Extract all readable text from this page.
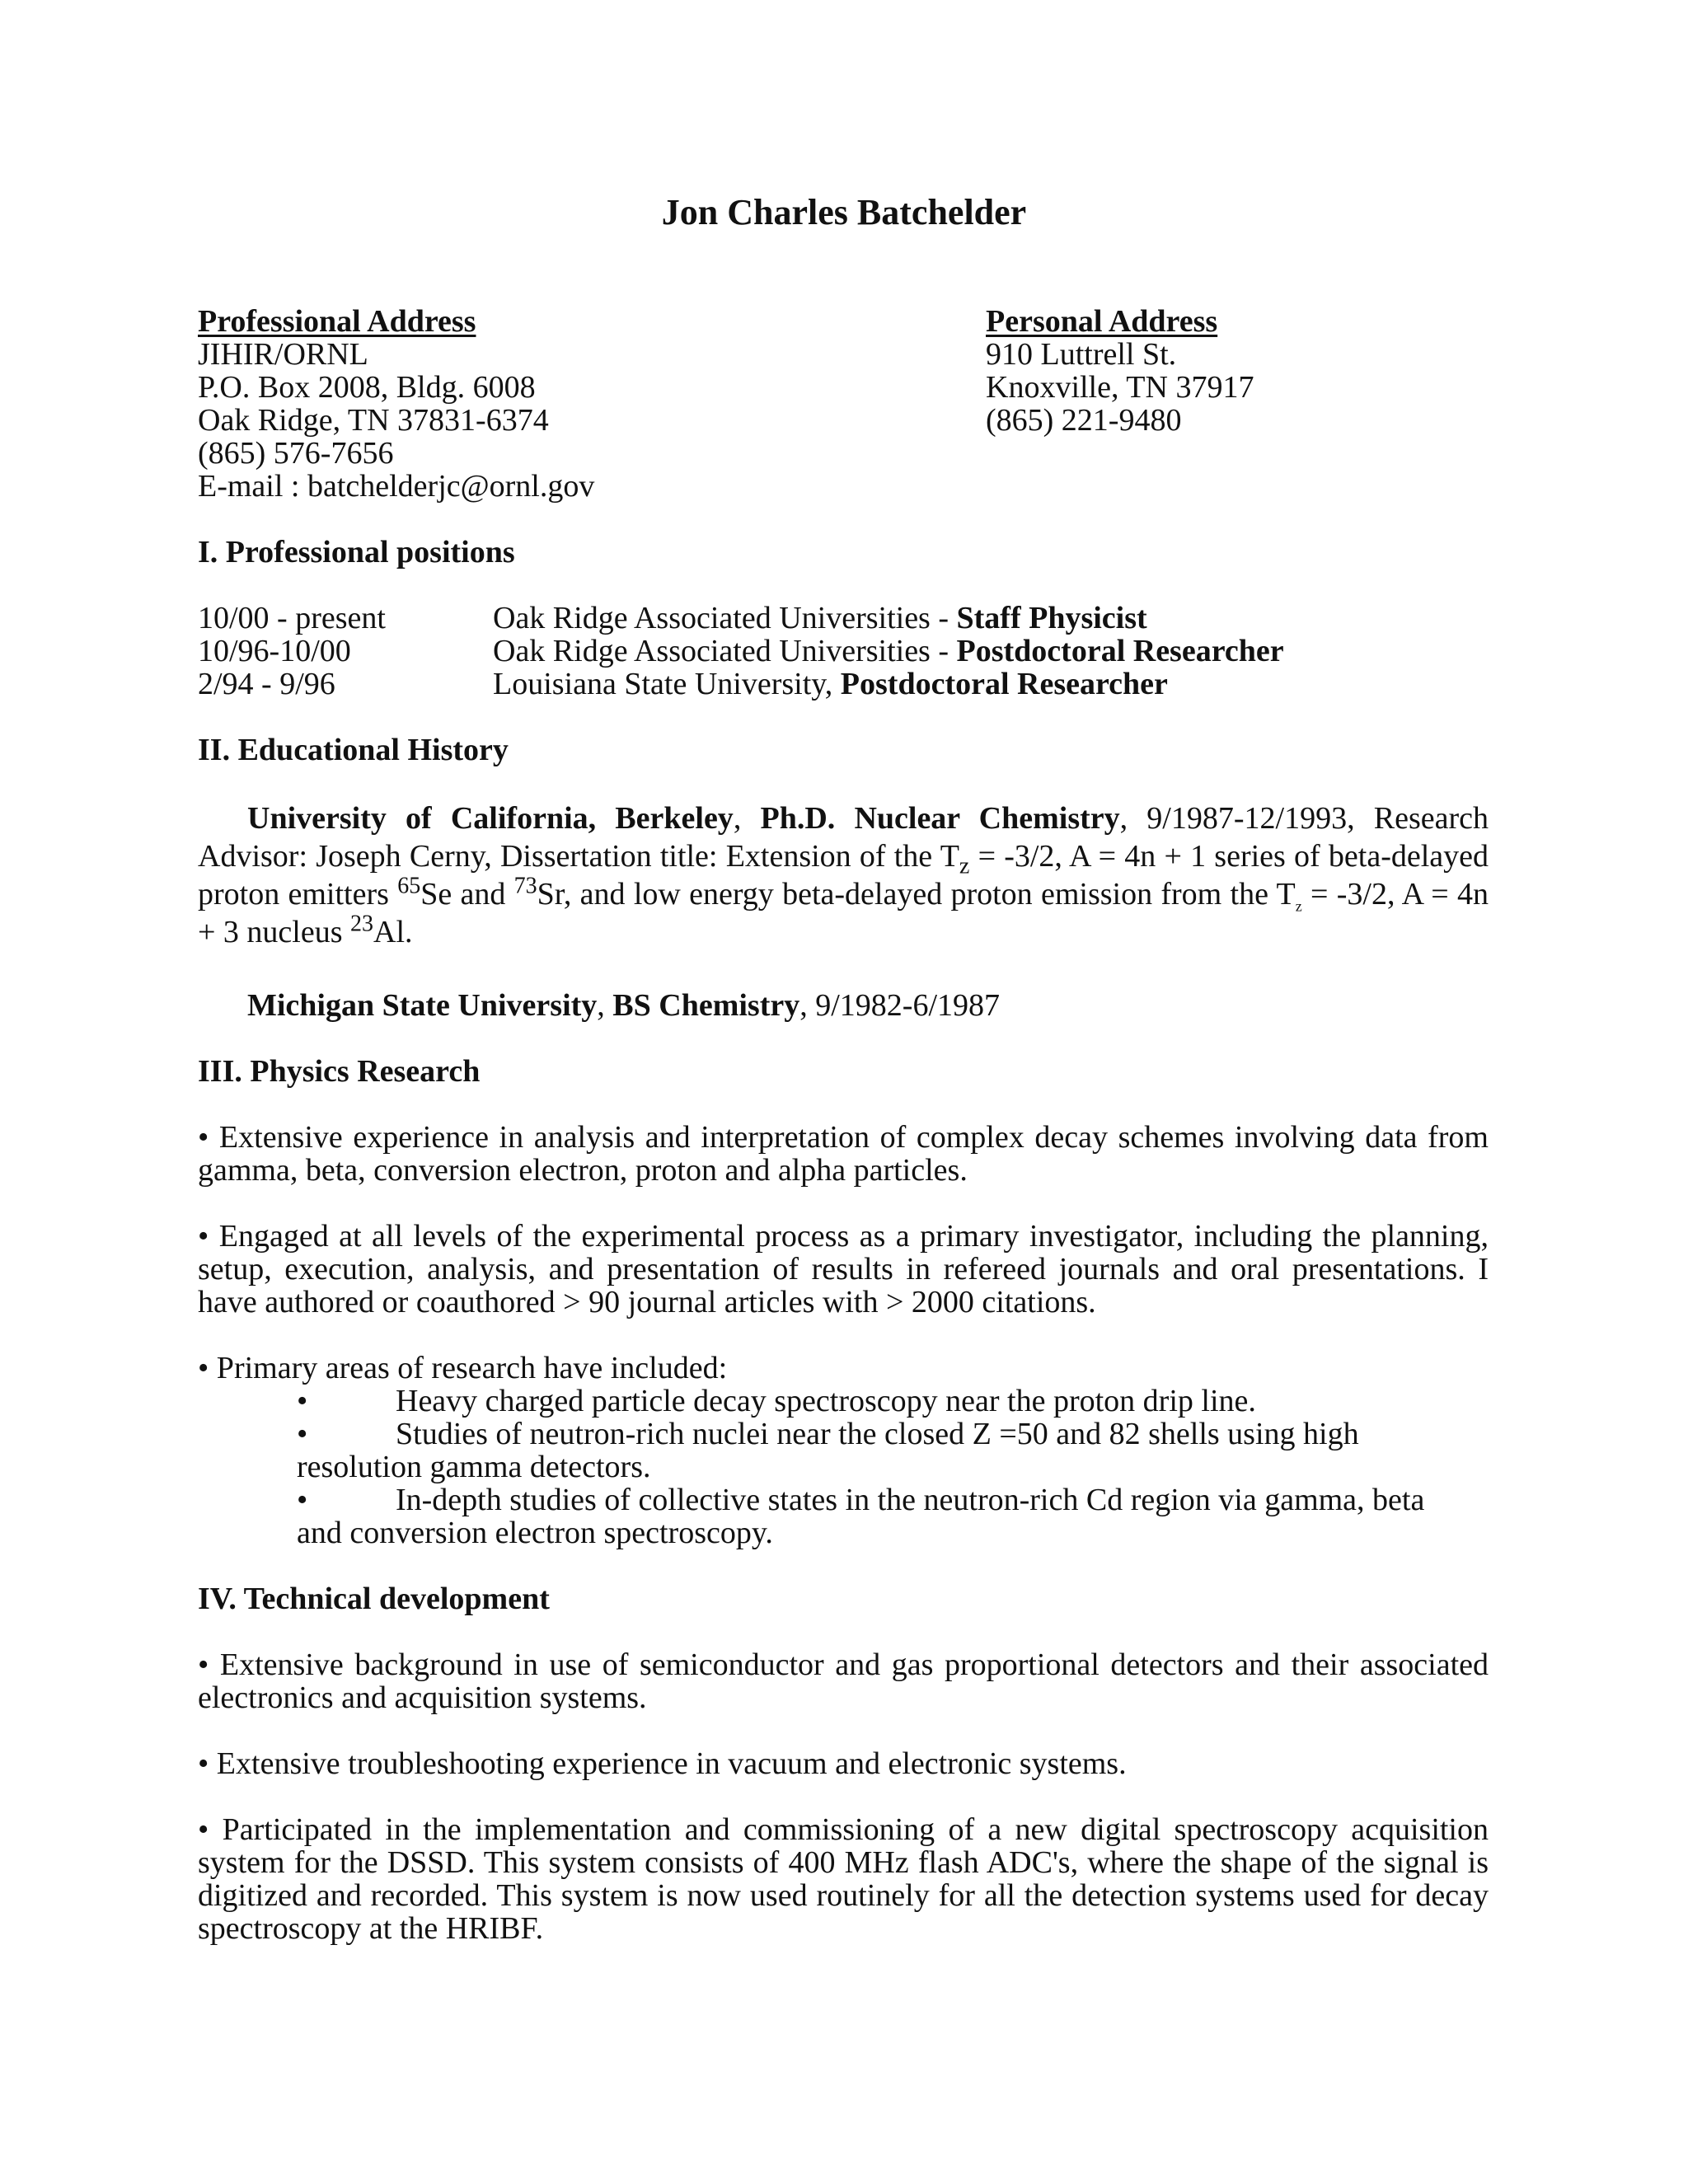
Jon Charles Batchelder
Professional Address
JIHIR/ORNL
P.O. Box 2008, Bldg. 6008
Oak Ridge, TN 37831-6374
(865) 576-7656
E-mail : batchelderjc@ornl.gov
Personal Address
910 Luttrell St.
Knoxville, TN 37917
(865) 221-9480
I. Professional positions
10/00 - present	Oak Ridge Associated Universities - Staff Physicist
10/96-10/00	Oak Ridge Associated Universities - Postdoctoral Researcher
2/94 - 9/96	Louisiana State University, Postdoctoral Researcher
II. Educational History
University of California, Berkeley, Ph.D. Nuclear Chemistry, 9/1987-12/1993, Research Advisor: Joseph Cerny, Dissertation title: Extension of the $T_z = -3/2$, A = 4n + 1 series of beta-delayed proton emitters $^{65}$Se and $^{73}$Sr, and low energy beta-delayed proton emission from the $T_z = -3/2$, A = 4n + 3 nucleus $^{23}$Al.
Michigan State University, BS Chemistry, 9/1982-6/1987
III. Physics Research
• Extensive experience in analysis and interpretation of complex decay schemes involving data from gamma, beta, conversion electron, proton and alpha particles.
• Engaged at all levels of the experimental process as a primary investigator, including the planning, setup, execution, analysis, and presentation of results in refereed journals and oral presentations. I have authored or coauthored > 90 journal articles with > 2000 citations.
• Primary areas of research have included:
•	Heavy charged particle decay spectroscopy near the proton drip line.
•	Studies of neutron-rich nuclei near the closed Z =50 and 82 shells using high
resolution gamma detectors.
•	In-depth studies of collective states in the neutron-rich Cd region via gamma, beta
and conversion electron spectroscopy.
IV. Technical development
• Extensive background in use of semiconductor and gas proportional detectors and their associated electronics and acquisition systems.
• Extensive troubleshooting experience in vacuum and electronic systems.
• Participated in the implementation and commissioning of a new digital spectroscopy acquisition system for the DSSD. This system consists of 400 MHz flash ADC's, where the shape of the signal is digitized and recorded. This system is now used routinely for all the detection systems used for decay spectroscopy at the HRIBF.
